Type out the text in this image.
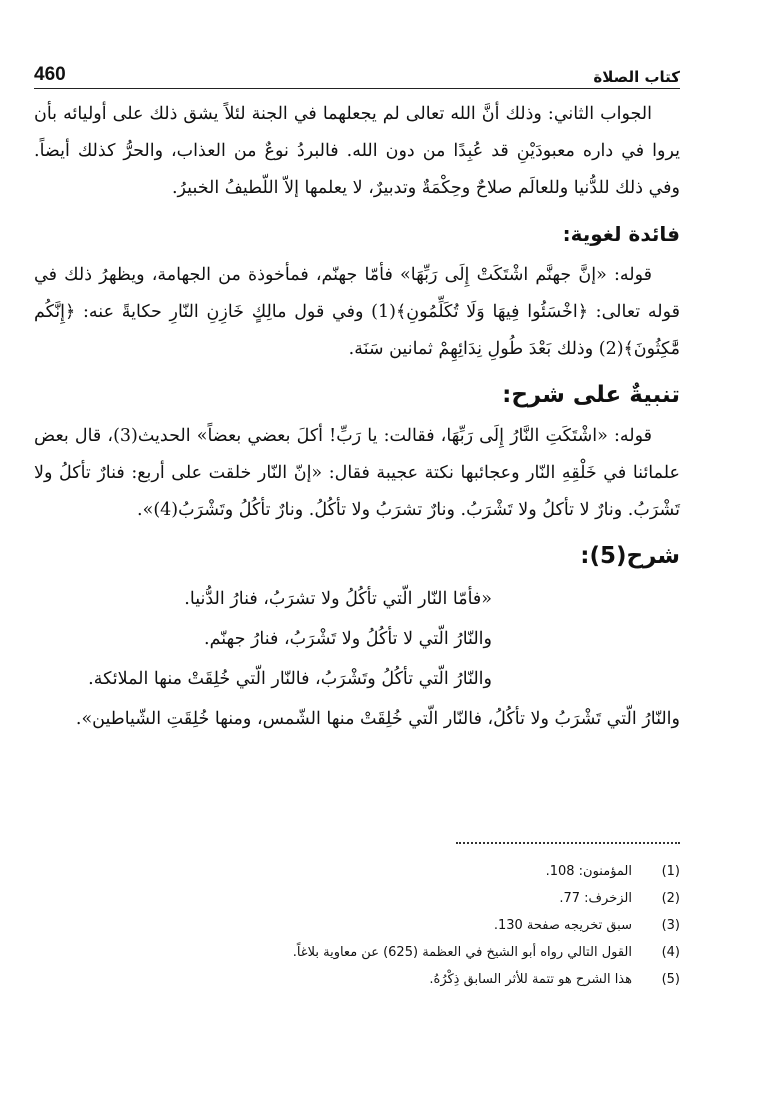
460	كتاب الصلاة

الجواب الثاني: وذلك أنَّ الله تعالى لم يجعلهما في الجنة لئلاً يشق ذلك على أوليائه بأن يروا في داره معبودَيْنِ قد عُبِدًا من دون الله. فالبردُ نوعٌ من العذاب، والحرُّ كذلك أيضاً. وفي ذلك للدُّنيا وللعالَم صلاحٌ وحِكْمَةٌ وتدبيرٌ، لا يعلمها إلاّ اللّطيفُ الخبيرُ.

فائدة لغوية:

قوله: «إنَّ جهنَّم اشْتَكَتْ إِلَى رَبِّهَا» فأمّا جهنّم، فمأخوذة من الجهامة، ويظهرُ ذلك في قوله تعالى: ﴿اخْسَئُوا فِيهَا وَلَا تُكَلِّمُونِ﴾(1) وفي قول مالِكٍ خَازِنِ النّارِ حكايةً عنه: ﴿إِنَّكُم مَّٰكِثُونَ﴾(2) وذلك بَعْدَ طُولِ نِدَائِهِمْ ثمانين سَنَة.

تنبيةٌ على شرح:

قوله: «اشْتَكَتِ النَّارُ إِلَى رَبِّهَا، فقالت: يا رَبِّ! أكلَ بعضي بعضاً» الحديث(3)، قال بعض علمائنا في خَلْقِهِ النّار وعجائبها نكتة عجيبة فقال: «إنّ النّار خلقت على أربع: فنارٌ تأكلُ ولا تَشْرَبُ. ونارٌ لا تأكلُ ولا تَشْرَبُ. ونارٌ تشرَبُ ولا تأكُلُ. ونارٌ تأكُلُ وتَشْرَبُ(4)».

شرح(5):

«فأمّا النّار الّتي تأكُلُ ولا تشرَبُ، فنارُ الدُّنيا.

والنّارُ الّتي لا تأكُلُ ولا تَشْرَبُ، فنارُ جهنّم.

والنّارُ الّتي تأكُلُ وتَشْرَبُ، فالنّار الّتي خُلِقَتْ منها الملائكة.

والنّارُ الّتي تَشْرَبُ ولا تأكُلُ، فالنّار الّتي خُلِقَتْ منها الشّمس، ومنها خُلِقَتِ الشّياطين».

(1)
المؤمنون: 108.
(2)
الزخرف: 77.
(3)
سبق تخريجه صفحة 130.
(4)
القول التالي رواه أبو الشيخ في العظمة (625) عن معاوية بلاغاً.
(5)
هذا الشرح هو تتمة للأثر السابق ذِكْرُهُ.
